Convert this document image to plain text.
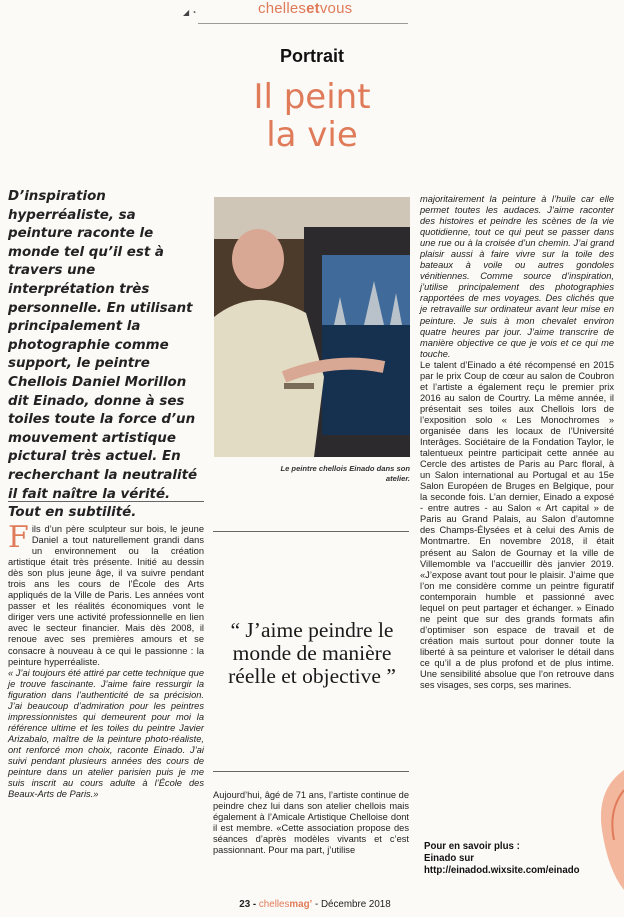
◢ ◔	chellesetvous
Portrait
Il peint
la vie
D’inspiration hyperréaliste, sa peinture raconte le monde tel qu’il est à travers une interprétation très personnelle. En utilisant principalement la photographie comme support, le peintre Chellois Daniel Morillon dit Einado, donne à ses toiles toute la force d’un mouvement artistique pictural très actuel. En recherchant la neutralité il fait naître la vérité. Tout en subtilité.
Le peintre chellois Einado dans son atelier.

Fils d’un père sculpteur sur bois, le jeune Daniel a tout naturellement grandi dans un environnement ou la création artistique était très présente. Initié au dessin dès son plus jeune âge, il va suivre pendant trois ans les cours de l’École des Arts appliqués de la Ville de Paris. Les années vont passer et les réalités économiques vont le diriger vers une activité professionnelle en lien avec le secteur financier. Mais dès 2008, il renoue avec ses premières amours et se consacre à nouveau à ce qui le passionne : la peinture hyperréaliste.

« J’ai toujours été attiré par cette technique que je trouve fascinante. J’aime faire ressurgir la figuration dans l’authenticité de sa précision. J’ai beaucoup d’admiration pour les peintres impressionnistes qui demeurent pour moi la référence ultime et les toiles du peintre Javier Arizabalo, maître de la peinture photo-réaliste, ont renforcé mon choix, raconte Einado. J’ai suivi pendant plusieurs années des cours de peinture dans un atelier parisien puis je me suis inscrit au cours adulte à l’École des Beaux-Arts de Paris.»

“ J’aime peindre le monde de manière réelle et objective ”

Aujourd’hui, âgé de 71 ans, l’artiste continue de peindre chez lui dans son atelier chellois mais également à l’Amicale Artistique Chelloise dont il est membre. «Cette association propose des séances d’après modèles vivants et c’est passionnant. Pour ma part, j’utilise

majoritairement la peinture à l’huile car elle permet toutes les audaces. J’aime raconter des histoires et peindre les scènes de la vie quotidienne, tout ce qui peut se passer dans une rue ou à la croisée d’un chemin. J’ai grand plaisir aussi à faire vivre sur la toile des bateaux à voile ou autres gondoles vénitiennes. Comme source d’inspiration, j’utilise principalement des photographies rapportées de mes voyages. Des clichés que je retravaille sur ordinateur avant leur mise en peinture. Je suis à mon chevalet environ quatre heures par jour. J’aime transcrire de manière objective ce que je vois et ce qui me touche.

Le talent d’Einado a été récompensé en 2015 par le prix Coup de cœur au salon de Coubron et l’artiste a également reçu le premier prix 2016 au salon de Courtry. La même année, il présentait ses toiles aux Chellois lors de l’exposition solo « Les Monochromes » organisée dans les locaux de l’Université Interâges. Sociétaire de la Fondation Taylor, le talentueux peintre participait cette année au Cercle des artistes de Paris au Parc floral, à un Salon international au Portugal et au 15e Salon Européen de Bruges en Belgique, pour la seconde fois. L’an dernier, Einado a exposé - entre autres - au Salon « Art capital » de Paris au Grand Palais, au Salon d’automne des Champs-Élysées et à celui des Amis de Montmartre. En novembre 2018, il était présent au Salon de Gournay et la ville de Villemomble va l’accueillir dès janvier 2019. «J’expose avant tout pour le plaisir. J’aime que l’on me considère comme un peintre figuratif contemporain humble et passionné avec lequel on peut partager et échanger. » Einado ne peint que sur des grands formats afin d’optimiser son espace de travail et de création mais surtout pour donner toute la liberté à sa peinture et valoriser le détail dans ce qu’il a de plus profond et de plus intime. Une sensibilité absolue que l’on retrouve dans ses visages, ses corps, ses marines.

Pour en savoir plus :
Einado sur http://einadod.wixsite.com/einado
23 - chellesmag’ - Décembre 2018
